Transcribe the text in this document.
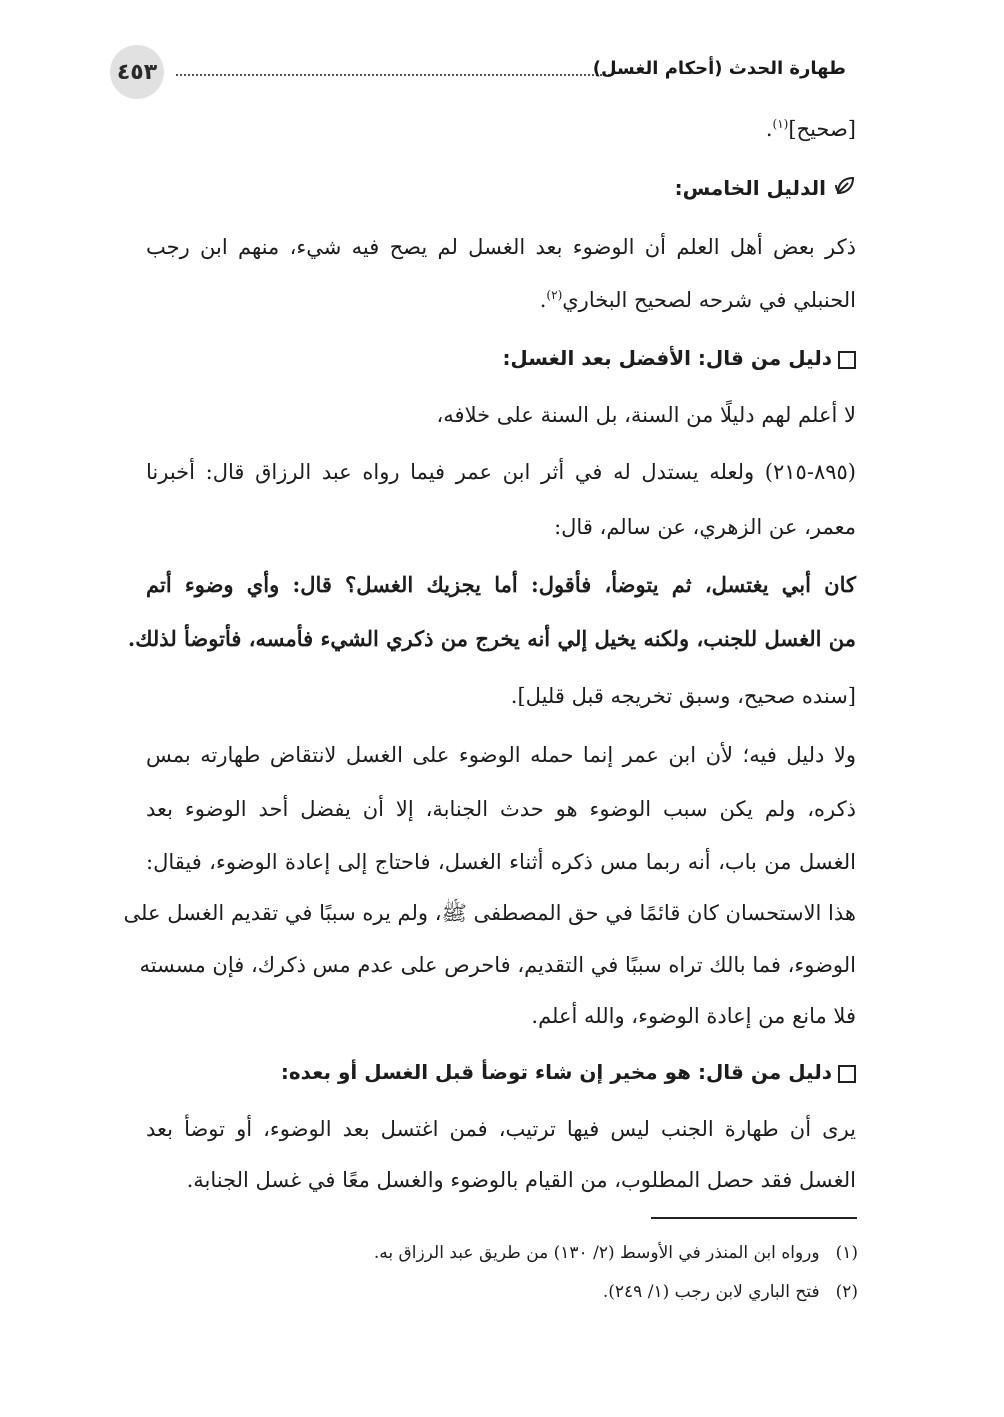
٤٥٣	طهارة الحدث (أحكام الغسل)
[صحيح]$^{(١)}$.
الدليل الخامس:
ذكر بعض أهل العلم أن الوضوء بعد الغسل لم يصح فيه شيء، منهم ابن رجب
الحنبلي في شرحه لصحيح البخاري$^{(٢)}$.
دليل من قال: الأفضل بعد الغسل:
لا أعلم لهم دليلًا من السنة، بل السنة على خلافه،
(٨٩٥-٢١٥) ولعله يستدل له في أثر ابن عمر فيما رواه عبد الرزاق قال: أخبرنا
معمر، عن الزهري، عن سالم، قال:
كان أبي يغتسل، ثم يتوضأ، فأقول: أما يجزيك الغسل؟ قال: وأي وضوء أتم
من الغسل للجنب، ولكنه يخيل إلي أنه يخرج من ذكري الشيء فأمسه، فأتوضأ لذلك.
[سنده صحيح، وسبق تخريجه قبل قليل].
ولا دليل فيه؛ لأن ابن عمر إنما حمله الوضوء على الغسل لانتقاض طهارته بمس
ذكره، ولم يكن سبب الوضوء هو حدث الجنابة، إلا أن يفضل أحد الوضوء بعد
الغسل من باب، أنه ربما مس ذكره أثناء الغسل، فاحتاج إلى إعادة الوضوء، فيقال:
هذا الاستحسان كان قائمًا في حق المصطفى ﷺ، ولم يره سببًا في تقديم الغسل على
الوضوء، فما بالك تراه سببًا في التقديم، فاحرص على عدم مس ذكرك، فإن مسسته
فلا مانع من إعادة الوضوء، والله أعلم.
دليل من قال: هو مخير إن شاء توضأ قبل الغسل أو بعده:
يرى أن طهارة الجنب ليس فيها ترتيب، فمن اغتسل بعد الوضوء، أو توضأ بعد
الغسل فقد حصل المطلوب، من القيام بالوضوء والغسل معًا في غسل الجنابة.
(١)ورواه ابن المنذر في الأوسط (٢/ ١٣٠) من طريق عبد الرزاق به.
(٢)فتح الباري لابن رجب (١/ ٢٤٩).
